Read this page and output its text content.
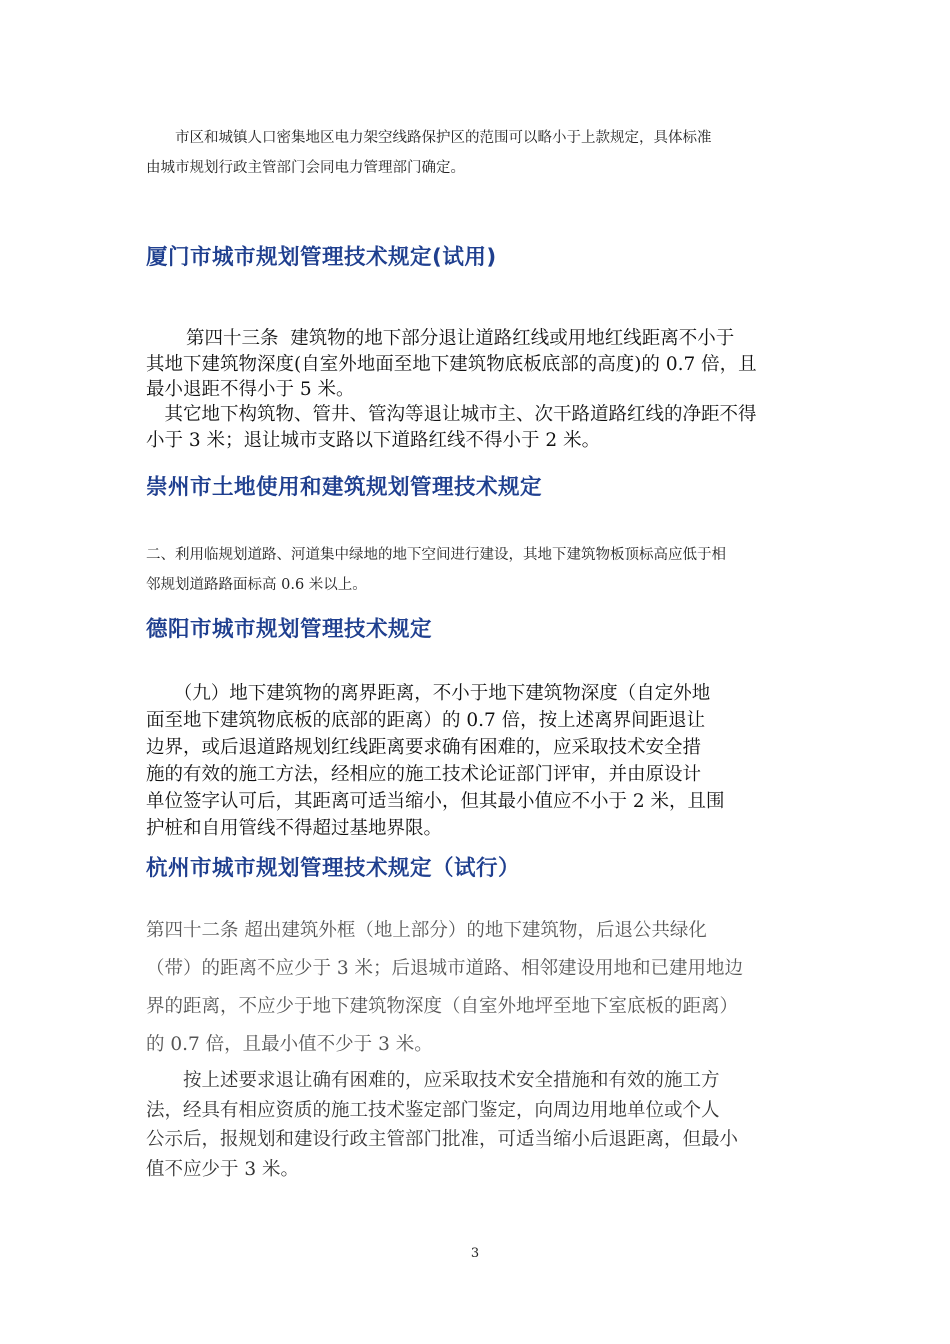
　　市区和城镇人口密集地区电力架空线路保护区的范围可以略小于上款规定，具体标准
由城市规划行政主管部门会同电力管理部门确定。

厦门市城市规划管理技术规定(试用)

第四十三条 建筑物的地下部分退让道路红线或用地红线距离不小于
其地下建筑物深度(自室外地面至地下建筑物底板底部的高度)的 0.7 倍，且
最小退距不得小于 5 米。

　其它地下构筑物、管井、管沟等退让城市主、次干路道路红线的净距不得
小于 3 米；退让城市支路以下道路红线不得小于 2 米。

崇州市土地使用和建筑规划管理技术规定

二、利用临规划道路、河道集中绿地的地下空间进行建设，其地下建筑物板顶标高应低于相
邻规划道路路面标高 0.6 米以上。

德阳市城市规划管理技术规定

　　（九）地下建筑物的离界距离，不小于地下建筑物深度（自定外地
面至地下建筑物底板的底部的距离）的 0.7 倍，按上述离界间距退让
边界，或后退道路规划红线距离要求确有困难的，应采取技术安全措
施的有效的施工方法，经相应的施工技术论证部门评审，并由原设计
单位签字认可后，其距离可适当缩小，但其最小值应不小于 2 米，且围
护桩和自用管线不得超过基地界限。

杭州市城市规划管理技术规定（试行）

第四十二条 超出建筑外框（地上部分）的地下建筑物，后退公共绿化
（带）的距离不应少于 3 米；后退城市道路、相邻建设用地和已建用地边
界的距离，不应少于地下建筑物深度（自室外地坪至地下室底板的距离）
的 0.7 倍，且最小值不少于 3 米。

　　按上述要求退让确有困难的，应采取技术安全措施和有效的施工方
法，经具有相应资质的施工技术鉴定部门鉴定，向周边用地单位或个人
公示后，报规划和建设行政主管部门批准，可适当缩小后退距离，但最小
值不应少于 3 米。

3
